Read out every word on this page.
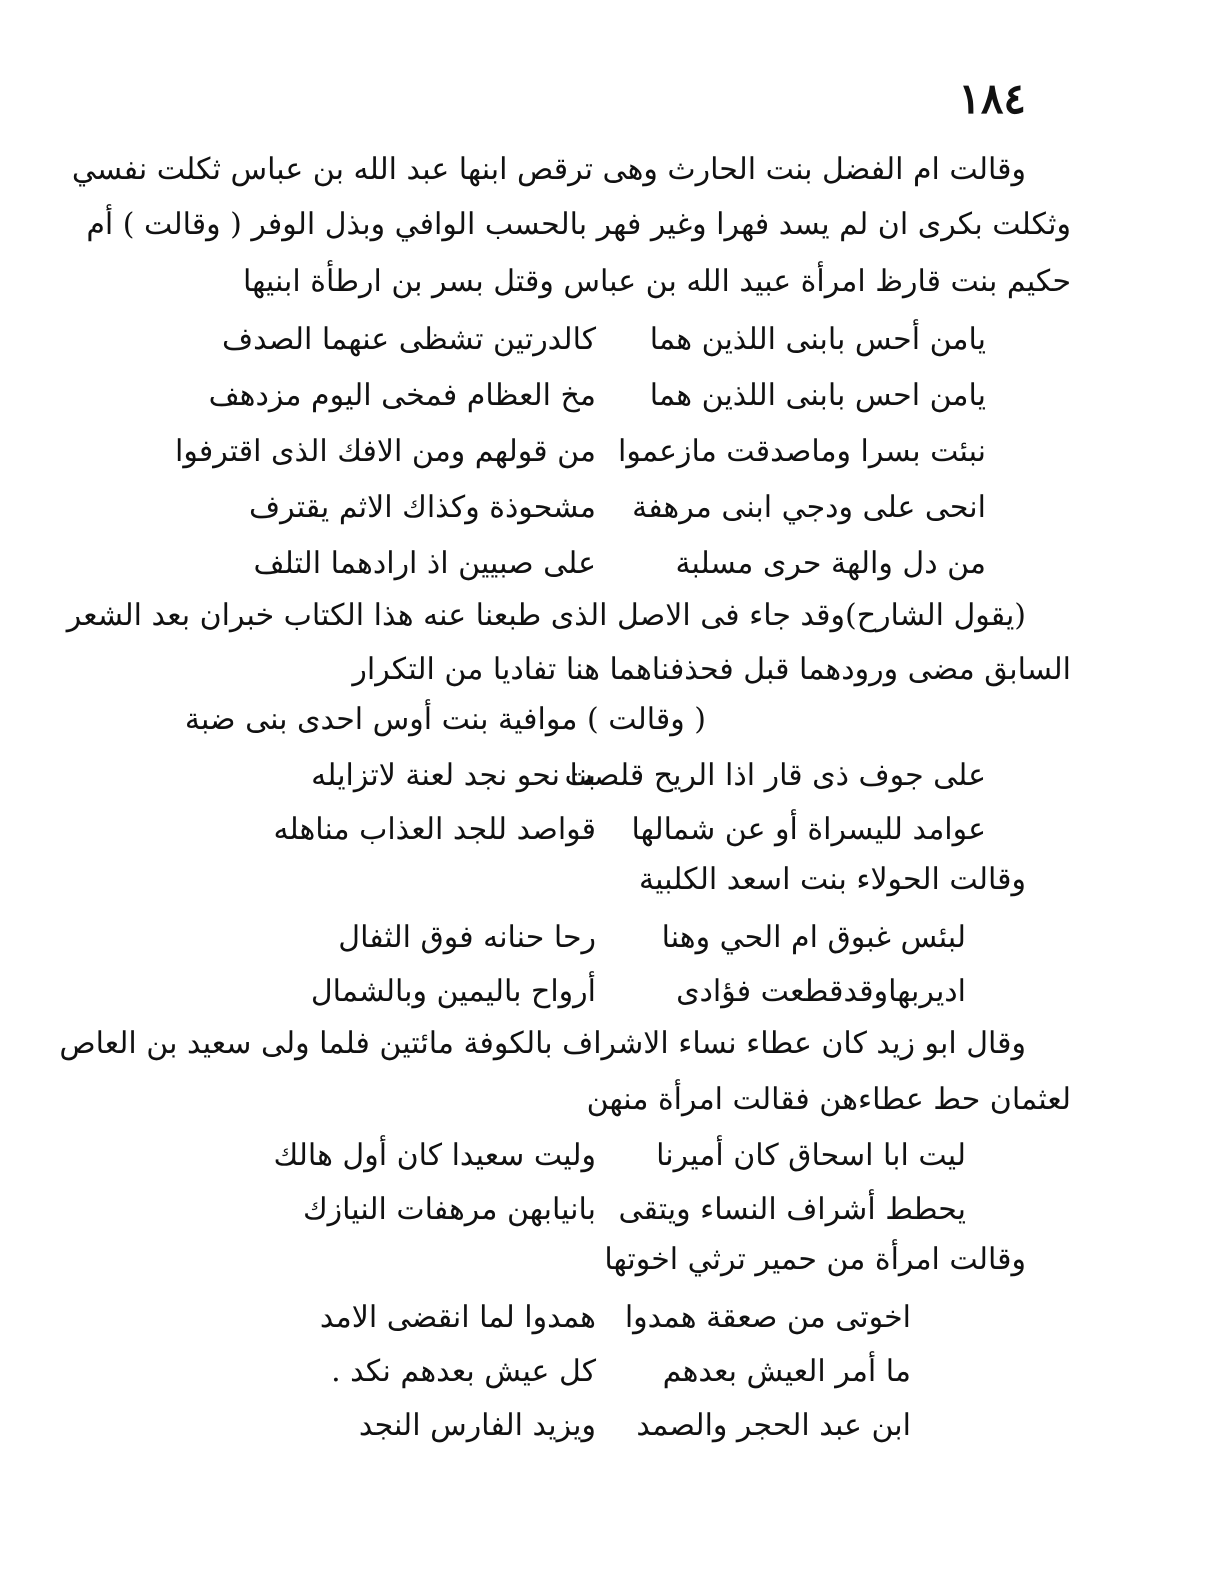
١٨٤
وقالت ام الفضل بنت الحارث وهى ترقص ابنها عبد الله بن عباس ثكلت نفسي
وثكلت بكرى ان لم يسد فهرا وغير فهر بالحسب الوافي وبذل الوفر ( وقالت ) أم
حكيم بنت قارظ امرأة عبيد الله بن عباس وقتل بسر بن ارطأة ابنيها
يامن أحس بابنى اللذين هما
كالدرتين تشظى عنهما الصدف
يامن احس بابنى اللذين هما
مخ العظام فمخى اليوم مزدهف
نبئت بسرا وماصدقت مازعموا
من قولهم ومن الافك الذى اقترفوا
انحى على ودجي ابنى مرهفة
مشحوذة وكذاك الاثم يقترف
من دل والهة حرى مسلبة
على صبيين اذ ارادهما التلف
(يقول الشارح)وقد جاء فى الاصل الذى طبعنا عنه هذا الكتاب خبران بعد الشعر
السابق مضى ورودهما قبل فحذفناهما هنا تفاديا من التكرار
( وقالت ) موافية بنت أوس احدى بنى ضبة
على جوف ذى قار اذا الريح قلصت
بنا نحو نجد لعنة لاتزايله
عوامد لليسراة أو عن شمالها
قواصد للجد العذاب مناهله
وقالت الحولاء بنت اسعد الكلبية
لبئس غبوق ام الحي وهنا
رحا حنانه فوق الثفال
اديربهاوقدقطعت فؤادى
أرواح باليمين وبالشمال
وقال ابو زيد كان عطاء نساء الاشراف بالكوفة مائتين فلما ولى سعيد بن العاص
لعثمان حط عطاءهن فقالت امرأة منهن
ليت ابا اسحاق كان أميرنا
وليت سعيدا كان أول هالك
يحطط أشراف النساء ويتقى
بانيابهن مرهفات النيازك
وقالت امرأة من حمير ترثي اخوتها
اخوتى من صعقة همدوا
همدوا لما انقضى الامد
ما أمر العيش بعدهم
كل عيش بعدهم نكد .
ابن عبد الحجر والصمد
ويزيد الفارس النجد
